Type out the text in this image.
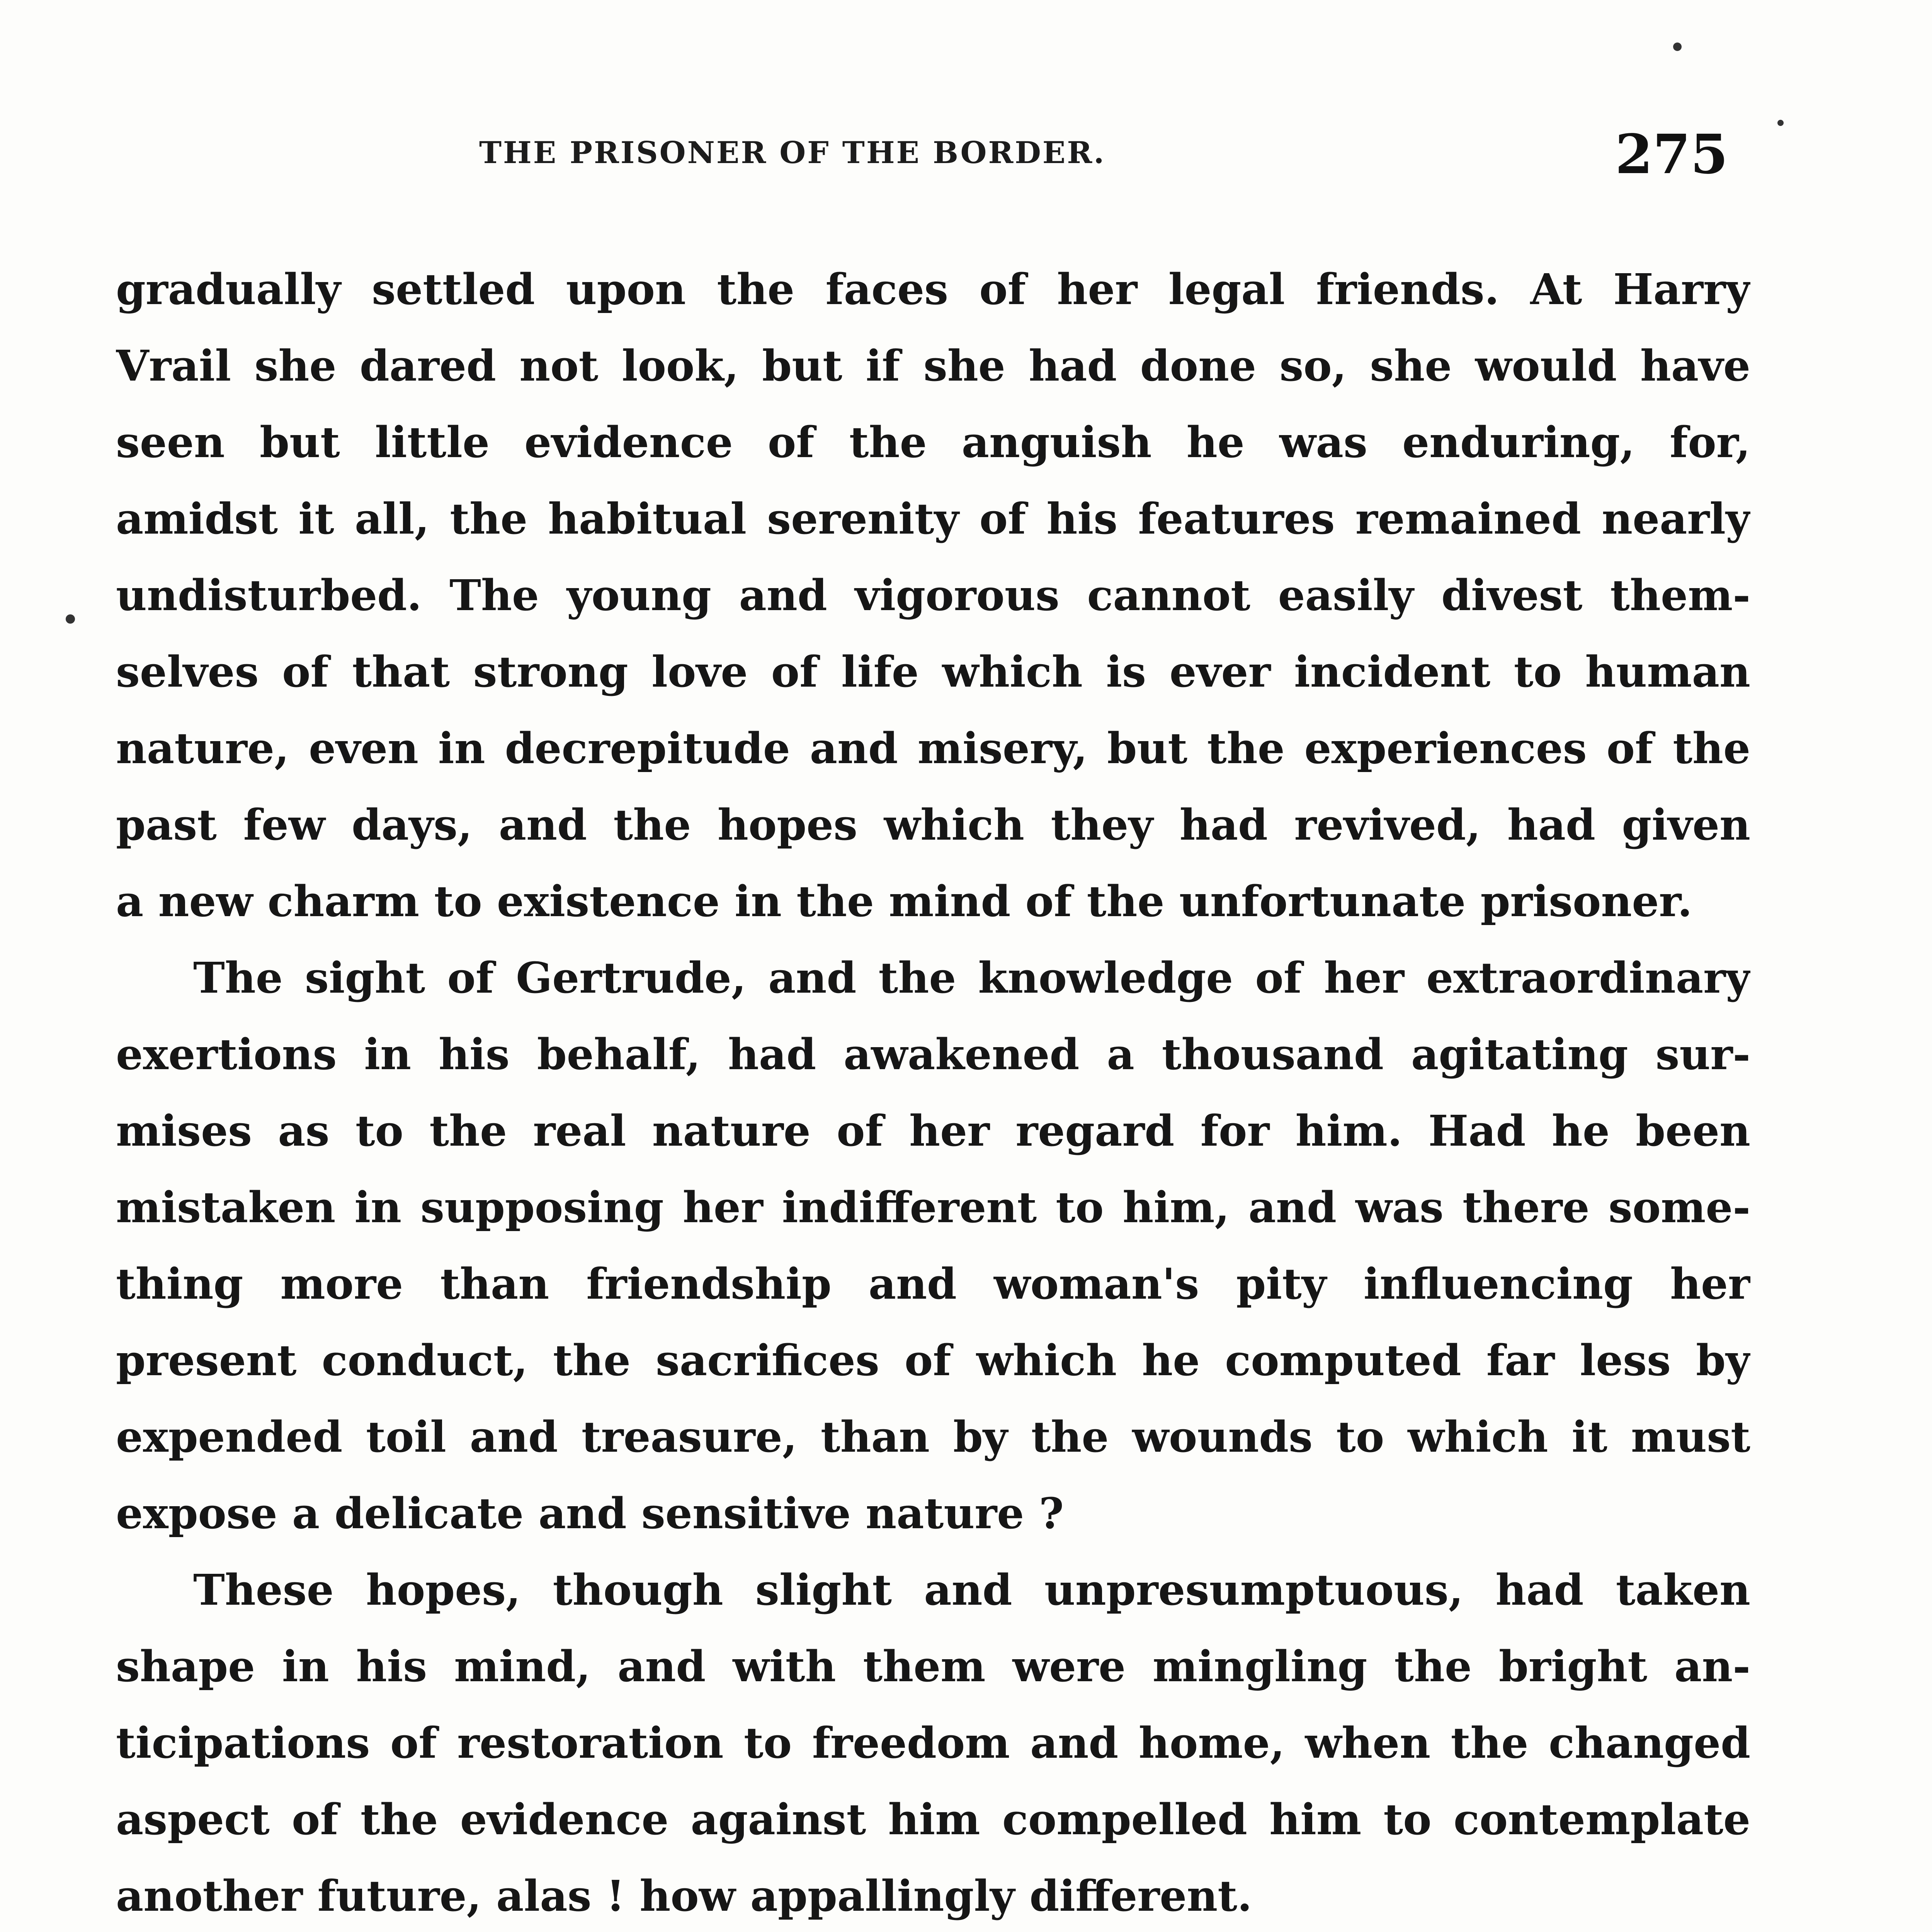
THE PRISONER OF THE BORDER.	275
gradually settled upon the faces of her legal friends. At Harry
Vrail she dared not look, but if she had done so, she would have
seen but little evidence of the anguish he was enduring, for,
amidst it all, the habitual serenity of his features remained nearly
undisturbed. The young and vigorous cannot easily divest them-
selves of that strong love of life which is ever incident to human
nature, even in decrepitude and misery, but the experiences of the
past few days, and the hopes which they had revived, had given
a new charm to existence in the mind of the unfortunate prisoner.
The sight of Gertrude, and the knowledge of her extraordinary
exertions in his behalf, had awakened a thousand agitating sur-
mises as to the real nature of her regard for him. Had he been
mistaken in supposing her indifferent to him, and was there some-
thing more than friendship and woman's pity influencing her
present conduct, the sacrifices of which he computed far less by
expended toil and treasure, than by the wounds to which it must
expose a delicate and sensitive nature ?
These hopes, though slight and unpresumptuous, had taken
shape in his mind, and with them were mingling the bright an-
ticipations of restoration to freedom and home, when the changed
aspect of the evidence against him compelled him to contemplate
another future, alas ! how appallingly different.
